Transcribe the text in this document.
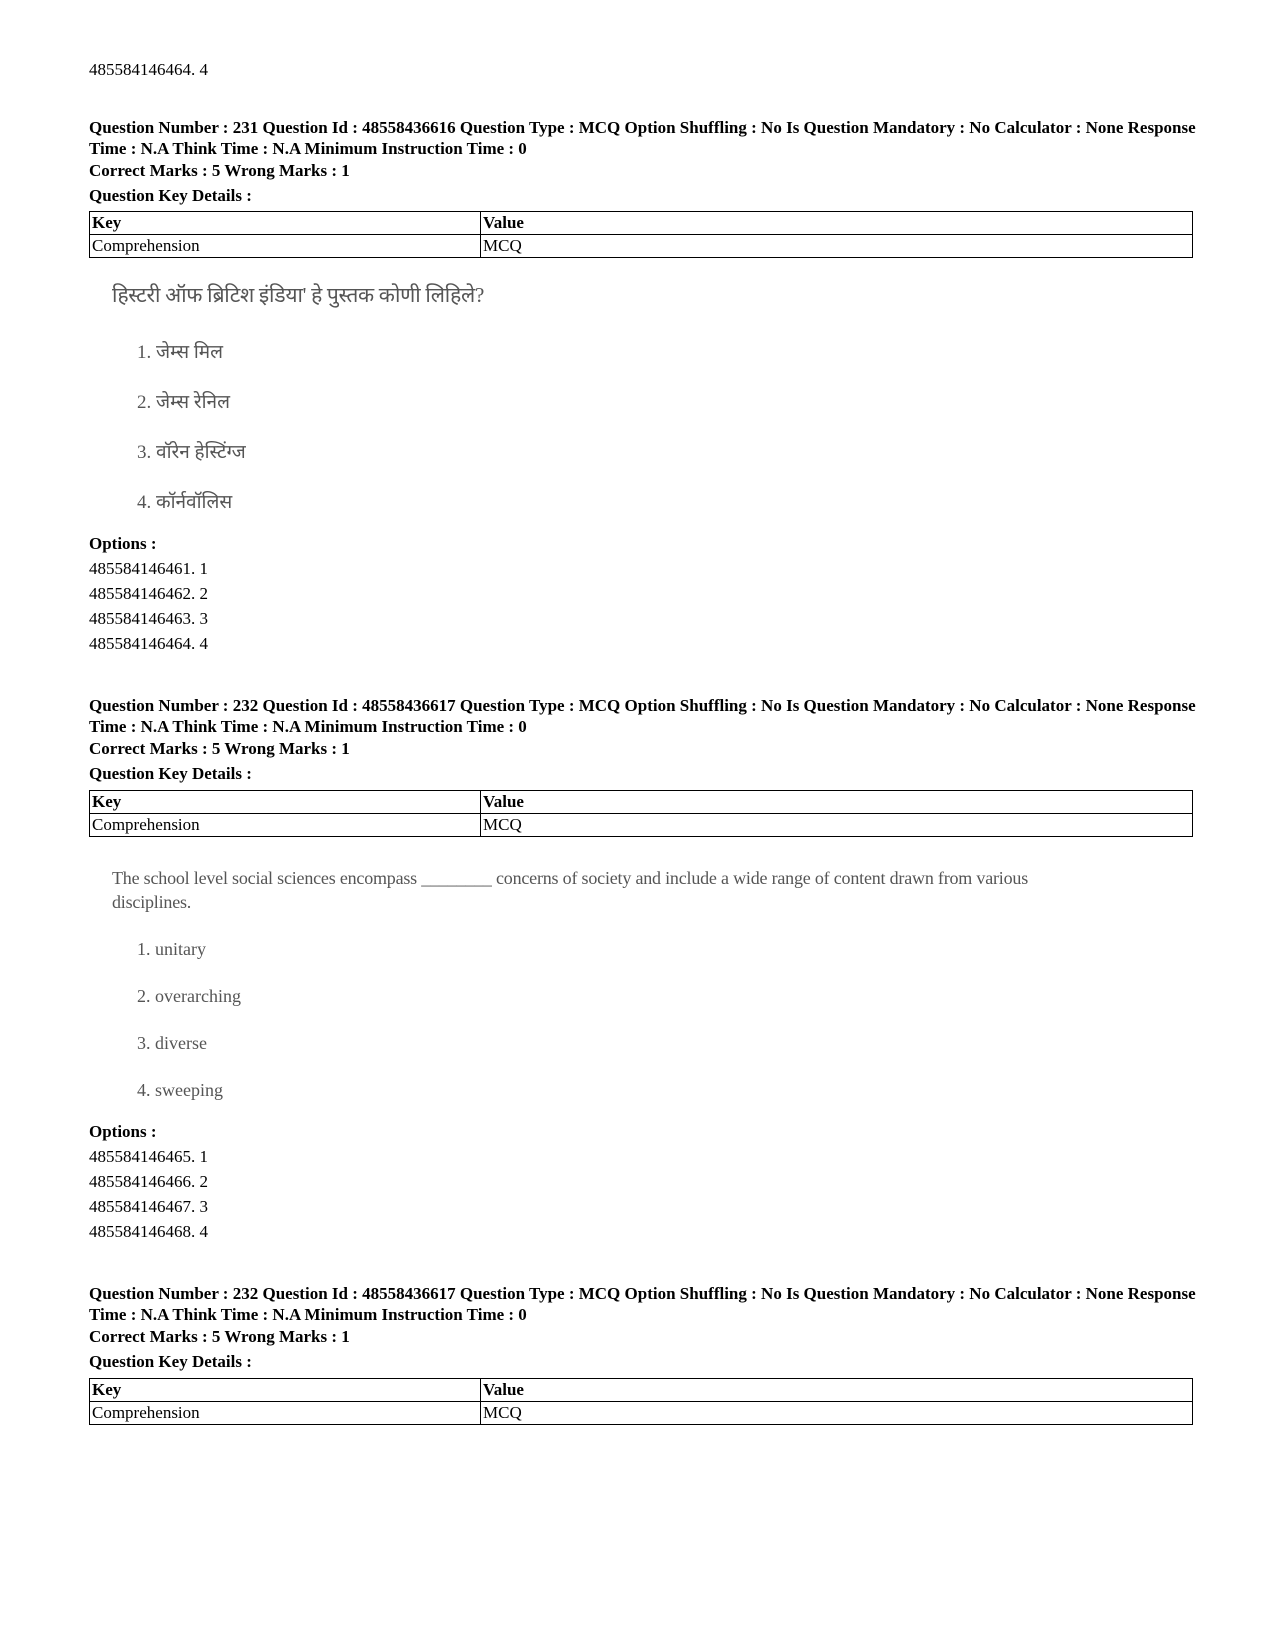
485584146464. 4
Question Number : 231 Question Id : 48558436616 Question Type : MCQ Option Shuffling : No Is Question Mandatory : No Calculator : None Response Time : N.A Think Time : N.A Minimum Instruction Time : 0
Correct Marks : 5 Wrong Marks : 1
Question Key Details :
Key	Value
Comprehension	MCQ
हिस्टरी ऑफ ब्रिटिश इंडिया' हे पुस्तक कोणी लिहिले?
1. जेम्स मिल
2. जेम्स रेनिल
3. वॉरेन हेस्टिंग्ज
4. कॉर्नवॉलिस
Options :
485584146461. 1
485584146462. 2
485584146463. 3
485584146464. 4
Question Number : 232 Question Id : 48558436617 Question Type : MCQ Option Shuffling : No Is Question Mandatory : No Calculator : None Response Time : N.A Think Time : N.A Minimum Instruction Time : 0
Correct Marks : 5 Wrong Marks : 1
Question Key Details :
Key	Value
Comprehension	MCQ
The school level social sciences encompass ________ concerns of society and include a wide range of content drawn from various disciplines.
1. unitary
2. overarching
3. diverse
4. sweeping
Options :
485584146465. 1
485584146466. 2
485584146467. 3
485584146468. 4
Question Number : 232 Question Id : 48558436617 Question Type : MCQ Option Shuffling : No Is Question Mandatory : No Calculator : None Response Time : N.A Think Time : N.A Minimum Instruction Time : 0
Correct Marks : 5 Wrong Marks : 1
Question Key Details :
Key	Value
Comprehension	MCQ
